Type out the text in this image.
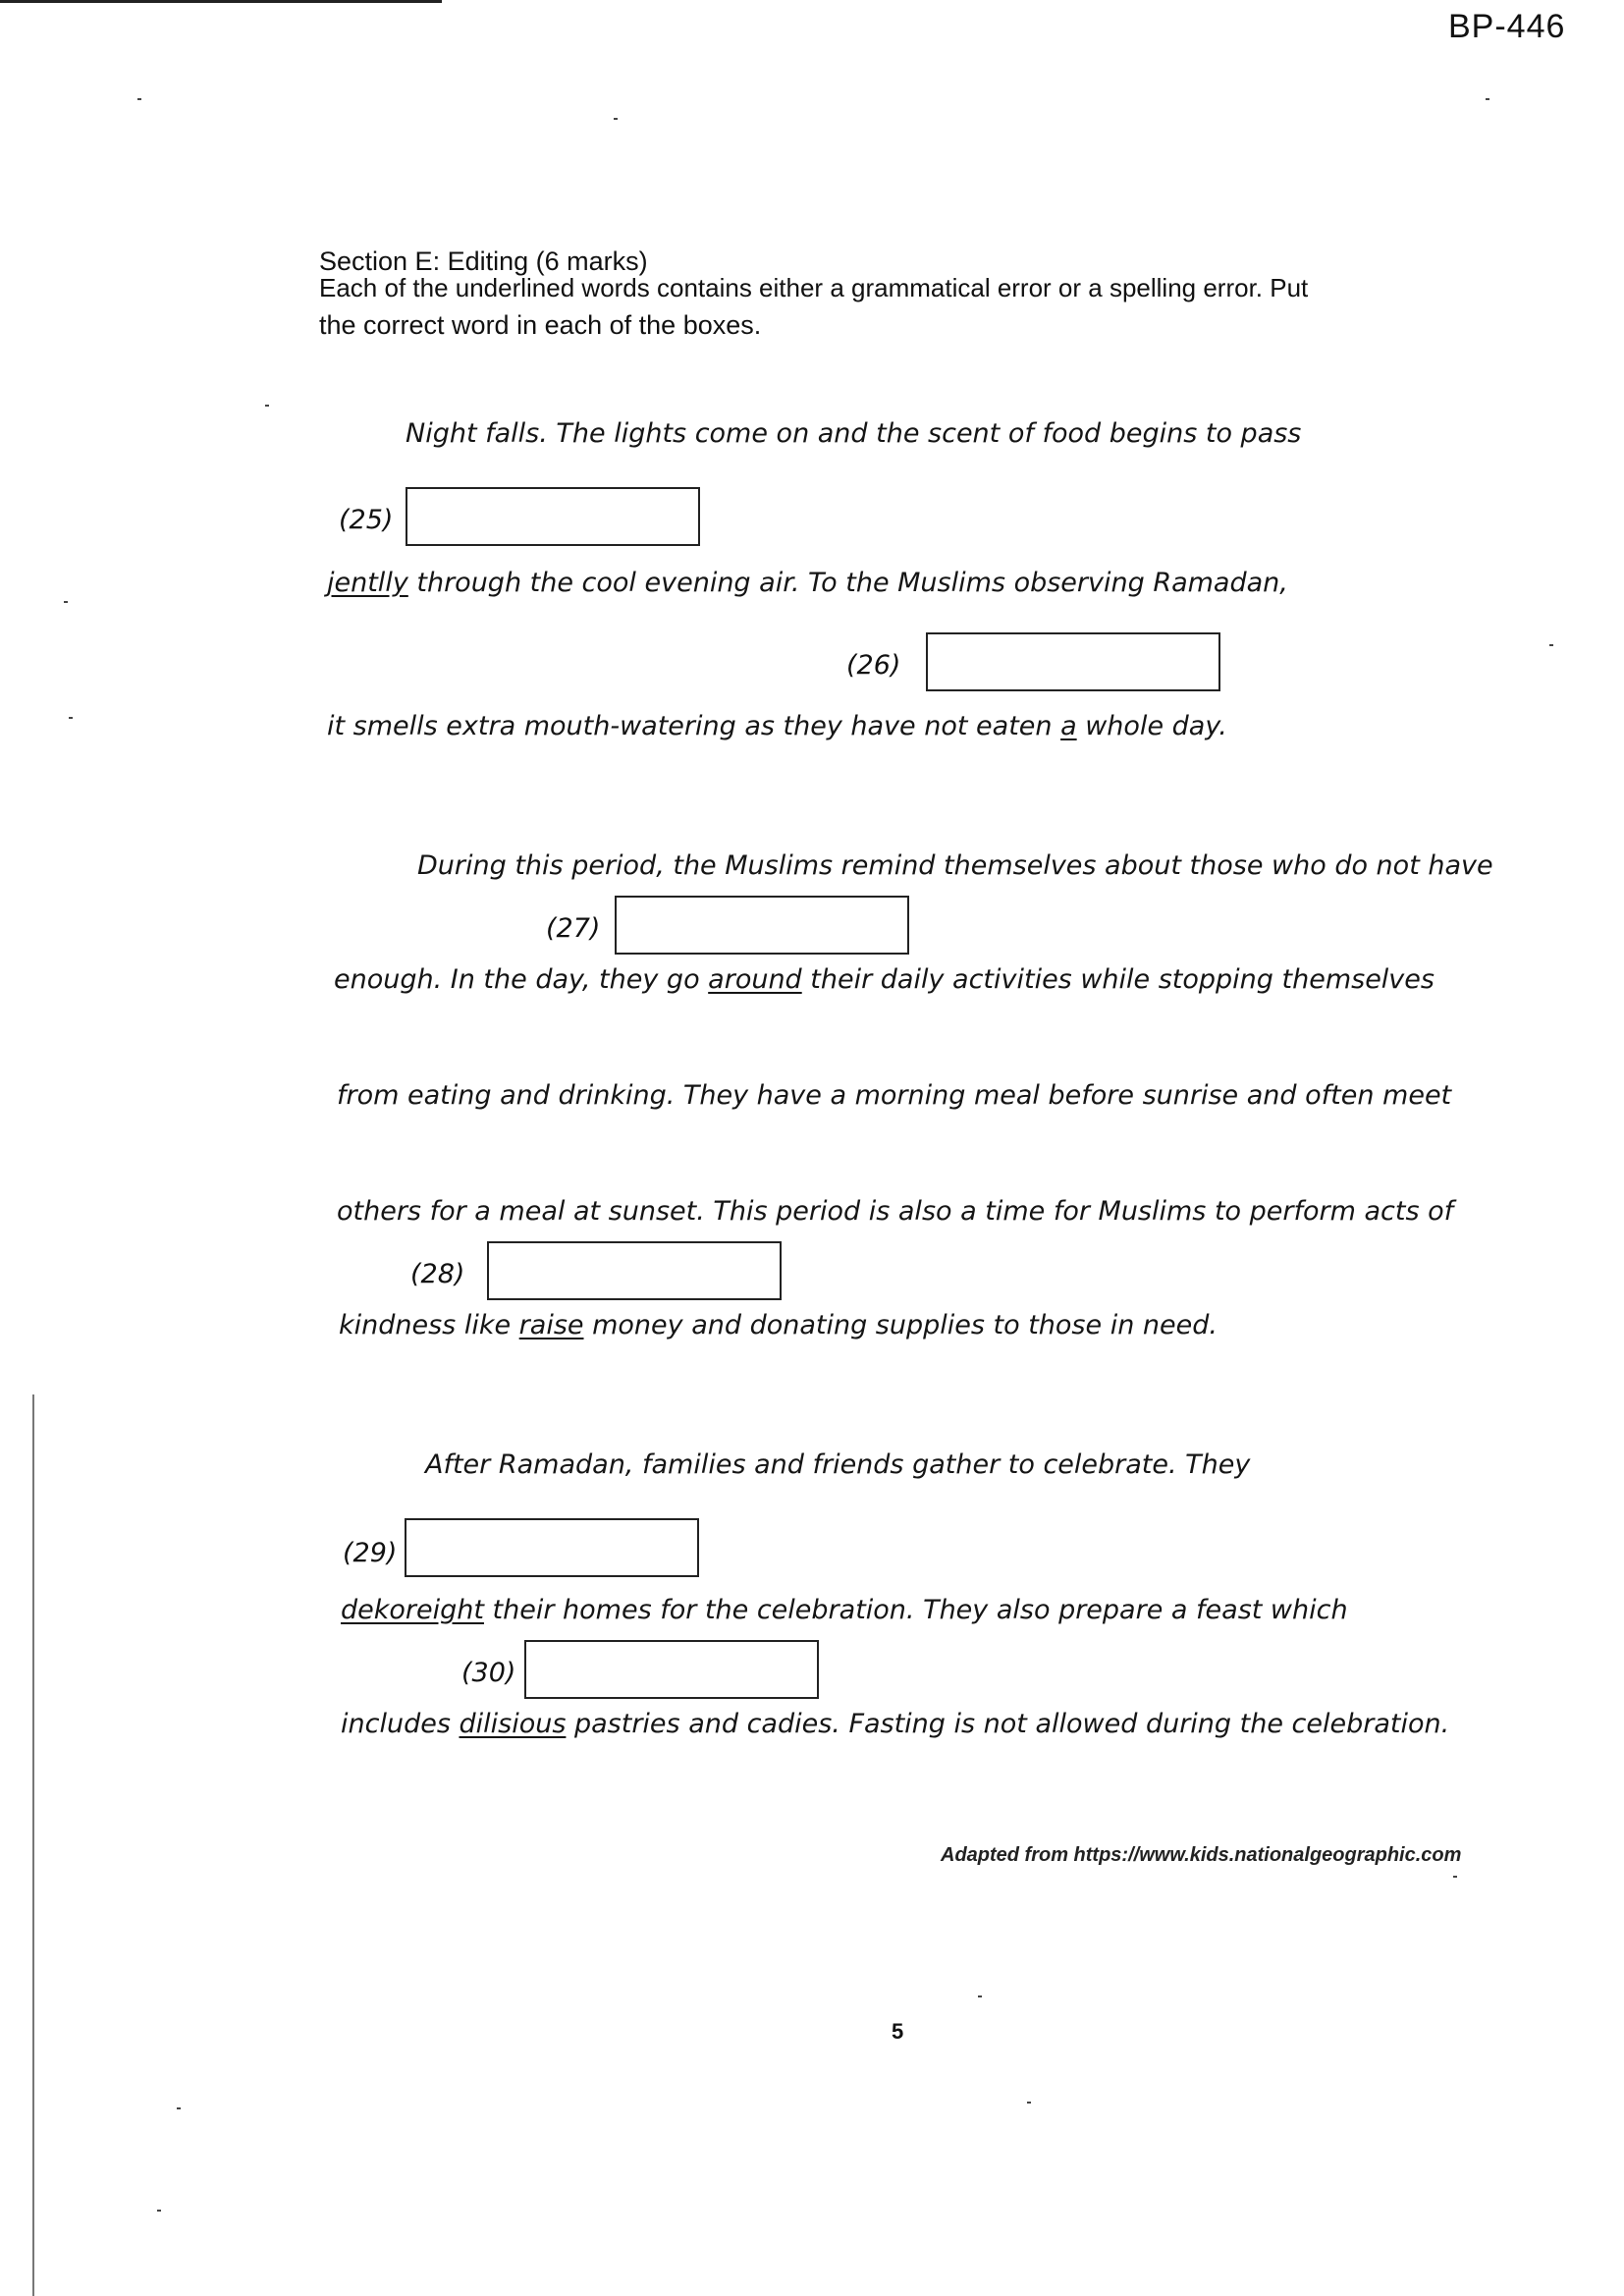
BP-446
Section E: Editing (6 marks)
Each of the underlined words contains either a grammatical error or a spelling error. Put
the correct word in each of the boxes.
Night falls. The lights come on and the scent of food begins to pass
(25)
jentlly through the cool evening air. To the Muslims observing Ramadan,
(26)
it smells extra mouth-watering as they have not eaten a whole day.
During this period, the Muslims remind themselves about those who do not have
(27)
enough. In the day, they go around their daily activities while stopping themselves
from eating and drinking. They have a morning meal before sunrise and often meet
others for a meal at sunset. This period is also a time for Muslims to perform acts of
(28)
kindness like raise money and donating supplies to those in need.
After Ramadan, families and friends gather to celebrate. They
(29)
dekoreight their homes for the celebration. They also prepare a feast which
(30)
includes dilisious pastries and cadies. Fasting is not allowed during the celebration.
Adapted from https://www.kids.nationalgeographic.com
5
